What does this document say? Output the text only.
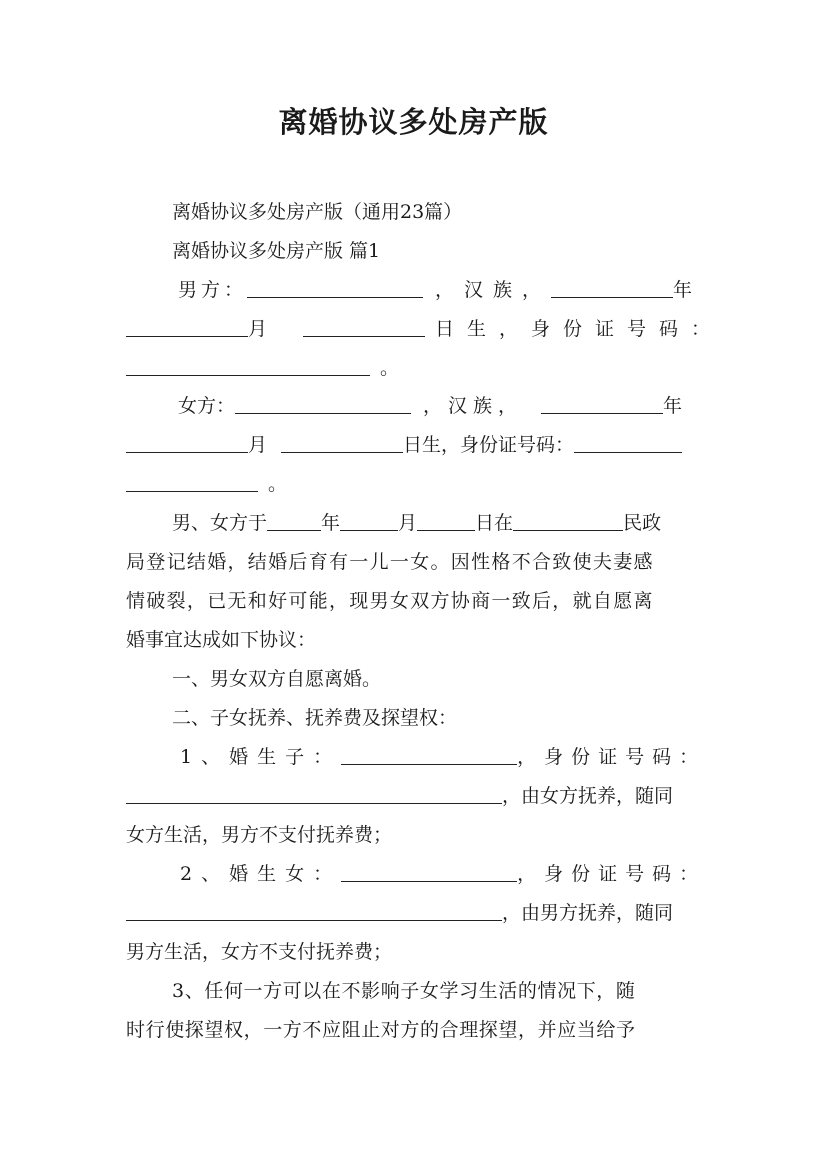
离婚协议多处房产版
离婚协议多处房产版（通用23篇）
离婚协议多处房产版 篇1
男方：	，汉族，	年
月	日生，身份证号码：
。
女方：	，汉族，	年
月	日生，身份证号码：
。
男、女方于	年	月	日在	民政
局登记结婚，结婚后育有一儿一女。因性格不合致使夫妻感
情破裂，已无和好可能，现男女双方协商一致后，就自愿离
婚事宜达成如下协议：
一、男女双方自愿离婚。
二、子女抚养、抚养费及探望权：
1、婚生子：	，身份证号码：
，由女方抚养，随同
女方生活，男方不支付抚养费；
2、婚生女：	，身份证号码：
，由男方抚养，随同
男方生活，女方不支付抚养费；
3、任何一方可以在不影响子女学习生活的情况下，随
时行使探望权，一方不应阻止对方的合理探望，并应当给予
